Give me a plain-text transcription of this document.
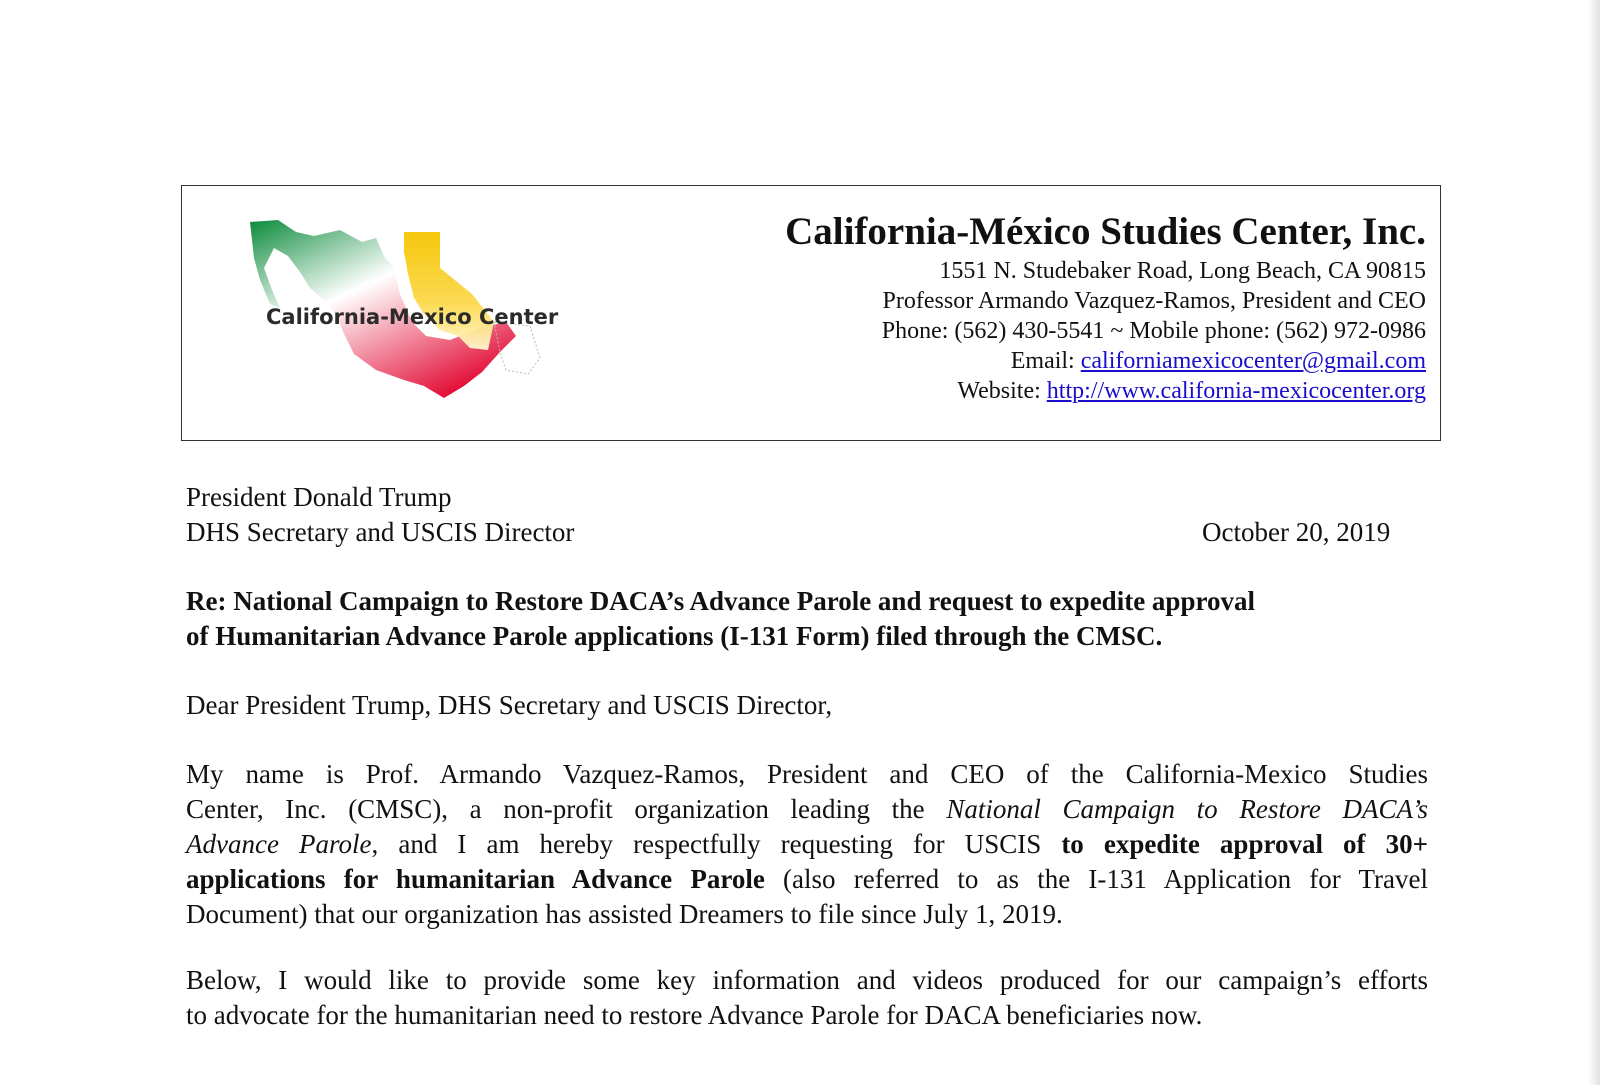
California-Mexico Center
California-México Studies Center, Inc.
1551 N. Studebaker Road, Long Beach, CA 90815
Professor Armando Vazquez-Ramos, President and CEO
Phone: (562) 430-5541 ~ Mobile phone: (562) 972-0986
Email: californiamexicocenter@gmail.com
Website: http://www.california-mexicocenter.org
President Donald Trump
DHS Secretary and USCIS Director	October 20, 2019
Re: National Campaign to Restore DACA’s Advance Parole and request to expedite approval
of Humanitarian Advance Parole applications (I-131 Form) filed through the CMSC.
Dear President Trump, DHS Secretary and USCIS Director,
My name is Prof. Armando Vazquez-Ramos, President and CEO of the California-Mexico Studies
Center, Inc. (CMSC), a non-profit organization leading the National Campaign to Restore DACA’s
Advance Parole, and I am hereby respectfully requesting for USCIS to expedite approval of 30+
applications for humanitarian Advance Parole (also referred to as the I-131 Application for Travel
Document) that our organization has assisted Dreamers to file since July 1, 2019.
Below, I would like to provide some key information and videos produced for our campaign’s efforts
to advocate for the humanitarian need to restore Advance Parole for DACA beneficiaries now.
